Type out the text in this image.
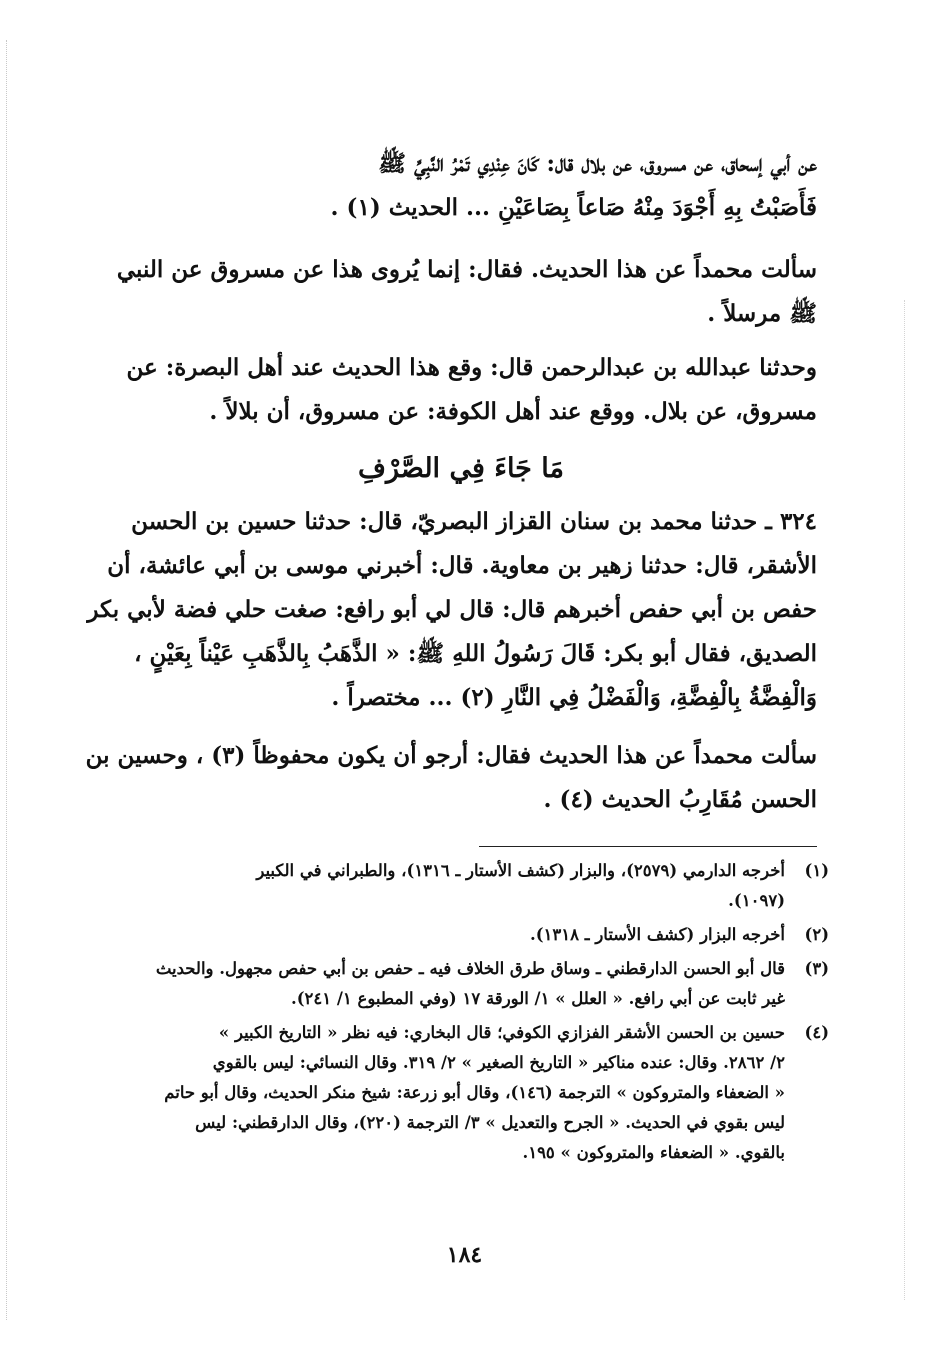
عن أبي إسحاق، عن مسروق، عن بلال قال: كَانَ عِنْدِي تَمْرُ النَّبِيِّ ﷺ
فَأَصَبْتُ بِهِ أَجْوَدَ مِنْهُ صَاعاً بِصَاعَيْنِ ... الحديث (١) .
سألت محمداً عن هذا الحديث. فقال: إنما يُروى هذا عن مسروق عن النبي
ﷺ مرسلاً .
وحدثنا عبدالله بن عبدالرحمن قال: وقع هذا الحديث عند أهل البصرة: عن
مسروق، عن بلال. ووقع عند أهل الكوفة: عن مسروق، أن بلالاً .
مَا جَاءَ فِي الصَّرْفِ
٣٢٤ ـ حدثنا محمد بن سنان القزاز البصريّ، قال: حدثنا حسين بن الحسن
الأشقر، قال: حدثنا زهير بن معاوية. قال: أخبرني موسى بن أبي عائشة، أن
حفص بن أبي حفص أخبرهم قال: قال لي أبو رافع: صغت حلي فضة لأبي بكر
الصديق، فقال أبو بكر: قَالَ رَسُولُ اللهِ ﷺ: « الذَّهَبُ بِالذَّهَبِ عَيْناً بِعَيْنٍ ،
وَالْفِضَّةُ بِالْفِضَّةِ، وَالْفَضْلُ فِي النَّارِ (٢) ... مختصراً .
سألت محمداً عن هذا الحديث فقال: أرجو أن يكون محفوظاً (٣) ، وحسين بن
الحسن مُقَارِبُ الحديث (٤) .
(١)
أخرجه الدارمي (٢٥٧٩)، والبزار (كشف الأستار ـ ١٣١٦)، والطبراني في الكبير
(١٠٩٧).
(٢)
أخرجه البزار (كشف الأستار ـ ١٣١٨).
(٣)
قال أبو الحسن الدارقطني ـ وساق طرق الخلاف فيه ـ حفص بن أبي حفص مجهول. والحديث
غير ثابت عن أبي رافع. « العلل » ١/ الورقة ١٧ (وفي المطبوع ١/ ٢٤١).
(٤)
حسين بن الحسن الأشقر الفزازي الكوفي؛ قال البخاري: فيه نظر « التاريخ الكبير »
٢/ ٢٨٦٢. وقال: عنده مناكير « التاريخ الصغير » ٢/ ٣١٩. وقال النسائي: ليس بالقوي
« الضعفاء والمتروكون » الترجمة (١٤٦)، وقال أبو زرعة: شيخ منكر الحديث، وقال أبو حاتم
ليس بقوي في الحديث. « الجرح والتعديل » ٣/ الترجمة (٢٢٠)، وقال الدارقطني: ليس
بالقوي. « الضعفاء والمتروكون » ١٩٥.
١٨٤
